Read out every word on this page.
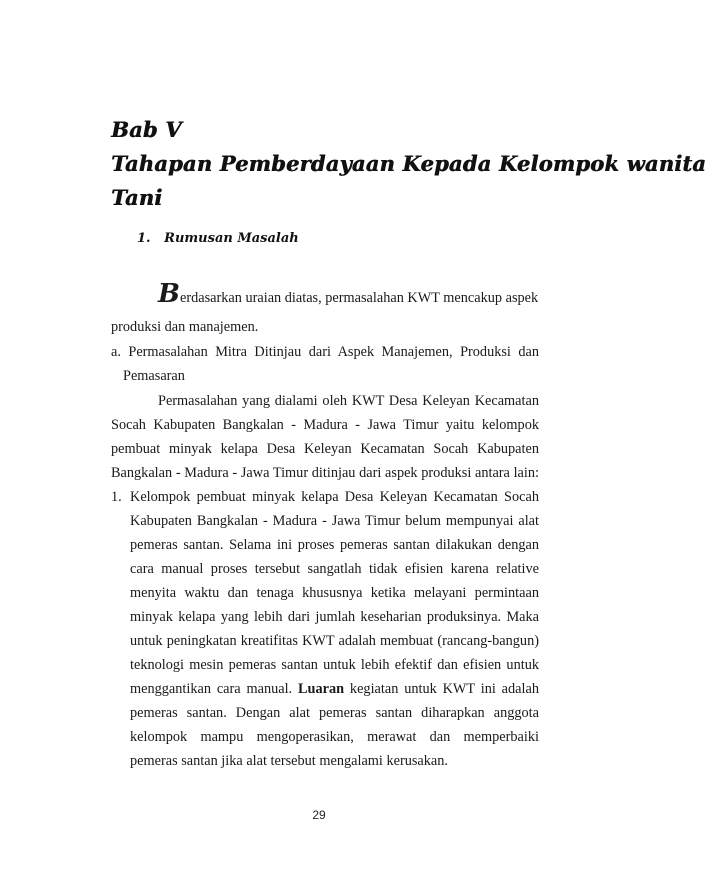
Bab V
Tahapan Pemberdayaan Kepada Kelompok wanita
Tani
1. Rumusan Masalah
Berdasarkan uraian diatas, permasalahan KWT mencakup aspek
produksi dan manajemen.
a. Permasalahan Mitra Ditinjau dari Aspek Manajemen, Produksi dan
Pemasaran
Permasalahan yang dialami oleh KWT Desa Keleyan Kecamatan
Socah Kabupaten Bangkalan - Madura - Jawa Timur yaitu kelompok
pembuat minyak kelapa Desa Keleyan Kecamatan Socah Kabupaten
Bangkalan - Madura - Jawa Timur ditinjau dari aspek produksi antara lain:
1. Kelompok pembuat minyak kelapa Desa Keleyan Kecamatan Socah
Kabupaten Bangkalan - Madura - Jawa Timur belum mempunyai alat
pemeras santan. Selama ini proses pemeras santan dilakukan dengan
cara manual proses tersebut sangatlah tidak efisien karena relative
menyita waktu dan tenaga khususnya ketika melayani permintaan
minyak kelapa yang lebih dari jumlah keseharian produksinya. Maka
untuk peningkatan kreatifitas KWT adalah membuat (rancang-bangun)
teknologi mesin pemeras santan untuk lebih efektif dan efisien untuk
menggantikan cara manual. Luaran kegiatan untuk KWT ini adalah
pemeras santan. Dengan alat pemeras santan diharapkan anggota
kelompok mampu mengoperasikan, merawat dan memperbaiki
pemeras santan jika alat tersebut mengalami kerusakan.
29
